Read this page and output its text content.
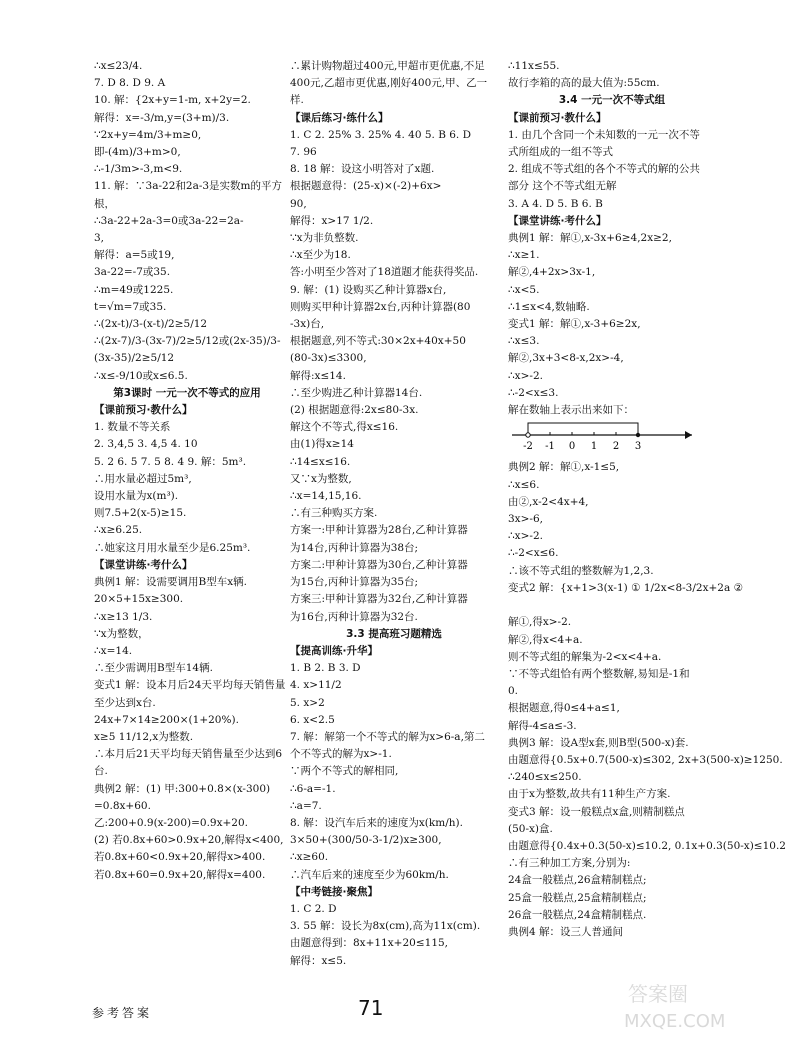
∴x≤23/4.
7. D 8. D 9. A
10. 解：{2x+y=1-m, x+2y=2.
解得：x=-3/m,y=(3+m)/3.
∵2x+y=4m/3+m≥0,
即-(4m)/3+m>0,
∴-1/3m>-3,m<9.
11. 解：∵3a-22和2a-3是实数m的平方
根，
∴3a-22+2a-3=0或3a-22=2a-
3,
解得：a=5或19,
3a-22=-7或35.
∴m=49或1225.
t=√m=7或35.
∴(2x-t)/3-(x-t)/2≥5/12
∴(2x-7)/3-(3x-7)/2≥5/12或(2x-35)/3-
(3x-35)/2≥5/12
∴x≤-9/10或x≤6.5.
第3课时 一元一次不等式的应用
【课前预习·教什么】
1. 数量不等关系
2. 3,4,5 3. 4,5 4. 10
5. 2 6. 5 7. 5 8. 4 9. 解：5m³.
∴用水量必超过5m³,
设用水量为x(m³).
则7.5+2(x-5)≥15.
∴x≥6.25.
∴她家这月用水量至少是6.25m³.
【课堂讲练·考什么】
典例1 解：设需要调用B型车x辆.
20×5+15x≥300.
∴x≥13 1/3.
∵x为整数，
∴x=14.
∴至少需调用B型车14辆.
变式1 解：设本月后24天平均每天销售量
至少达到x台.
24x+7×14≥200×(1+20%).
x≥5 11/12,x为整数.
∴本月后21天平均每天销售量至少达到6
台.
典例2 解：(1) 甲:300+0.8×(x-300)
=0.8x+60.
乙:200+0.9(x-200)=0.9x+20.
(2) 若0.8x+60>0.9x+20,解得x<400,
若0.8x+60<0.9x+20,解得x>400.
若0.8x+60=0.9x+20,解得x=400.
∴累计购物超过400元,甲超市更优惠,不足
400元,乙超市更优惠,刚好400元,甲、乙一
样.
【课后练习·练什么】
1. C 2. 25% 3. 25% 4. 40 5. B 6. D
7. 96
8. 18 解：设这小明答对了x题.
根据题意得：(25-x)×(-2)+6x>
90,
解得：x>17 1/2.
∵x为非负整数.
∴x至少为18.
答:小明至少答对了18道题才能获得奖品.
9. 解：(1) 设购买乙种计算器x台,
则购买甲种计算器2x台,丙种计算器(80
-3x)台,
根据题意,列不等式:30×2x+40x+50
(80-3x)≤3300,
解得:x≤14.
∴至少购进乙种计算器14台.
(2) 根据题意得:2x≤80-3x.
解这个不等式,得x≤16.
由(1)得x≥14
∴14≤x≤16.
又∵x为整数,
∴x=14,15,16.
∴有三种购买方案.
方案一:甲种计算器为28台,乙种计算器
为14台,丙种计算器为38台;
方案二:甲种计算器为30台,乙种计算器
为15台,丙种计算器为35台;
方案三:甲种计算器为32台,乙种计算器
为16台,丙种计算器为32台.
3.3 提高班习题精选
【提高训练·升华】
1. B 2. B 3. D
4. x>11/2
5. x>2
6. x<2.5
7. 解：解第一个不等式的解为x>6-a,第二
个不等式的解为x>-1.
∵两个不等式的解相同,
∴6-a=-1.
∴a=7.
8. 解：设汽车后来的速度为x(km/h).
3×50+(300/50-3-1/2)x≥300,
∴x≥60.
∴汽车后来的速度至少为60km/h.
【中考链接·聚焦】
1. C 2. D
3. 55 解：设长为8x(cm),高为11x(cm).
由题意得到：8x+11x+20≤115,
解得：x≤5.
∴11x≤55.
故行李箱的高的最大值为:55cm.
3.4 一元一次不等式组
【课前预习·教什么】
1. 由几个含同一个未知数的一元一次不等
式所组成的一组不等式
2. 组成不等式组的各个不等式的解的公共
部分 这个不等式组无解
3. A 4. D 5. B 6. B
【课堂讲练·考什么】
典例1 解：解①,x-3x+6≥4,2x≥2,
∴x≥1.
解②,4+2x>3x-1,
∴x<5.
∴1≤x<4,数轴略.
变式1 解：解①,x-3+6≥2x,
∴x≤3.
解②,3x+3<8-x,2x>-4,
∴x>-2.
∴-2<x≤3.
解在数轴上表示出来如下：
-2 -1 0 1 2 3
典例2 解：解①,x-1≤5,
∴x≤6.
由②,x-2<4x+4,
3x>-6,
∴x>-2.
∴-2<x≤6.
∴该不等式组的整数解为1,2,3.
变式2 解：{x+1>3(x-1) ① 1/2x<8-3/2x+2a ②

解①,得x>-2.
解②,得x<4+a.
则不等式组的解集为-2<x<4+a.
∵不等式组恰有两个整数解,易知是-1和
0.
根据题意,得0≤4+a≤1,
解得-4≤a≤-3.
典例3 解：设A型x套,则B型(500-x)套.
由题意得{0.5x+0.7(500-x)≤302, 2x+3(500-x)≥1250.
∴240≤x≤250.
由于x为整数,故共有11种生产方案.
变式3 解：设一般糕点x盒,则精制糕点
(50-x)盒.
由题意得{0.4x+0.3(50-x)≤10.2, 0.1x+0.3(50-x)≤10.2
∴有三种加工方案,分别为:
24盒一般糕点,26盒精制糕点;
25盒一般糕点,25盒精制糕点;
26盒一般糕点,24盒精制糕点.
典例4 解：设三人普通间
参考答案	71
答案圈
MXQE.COM
